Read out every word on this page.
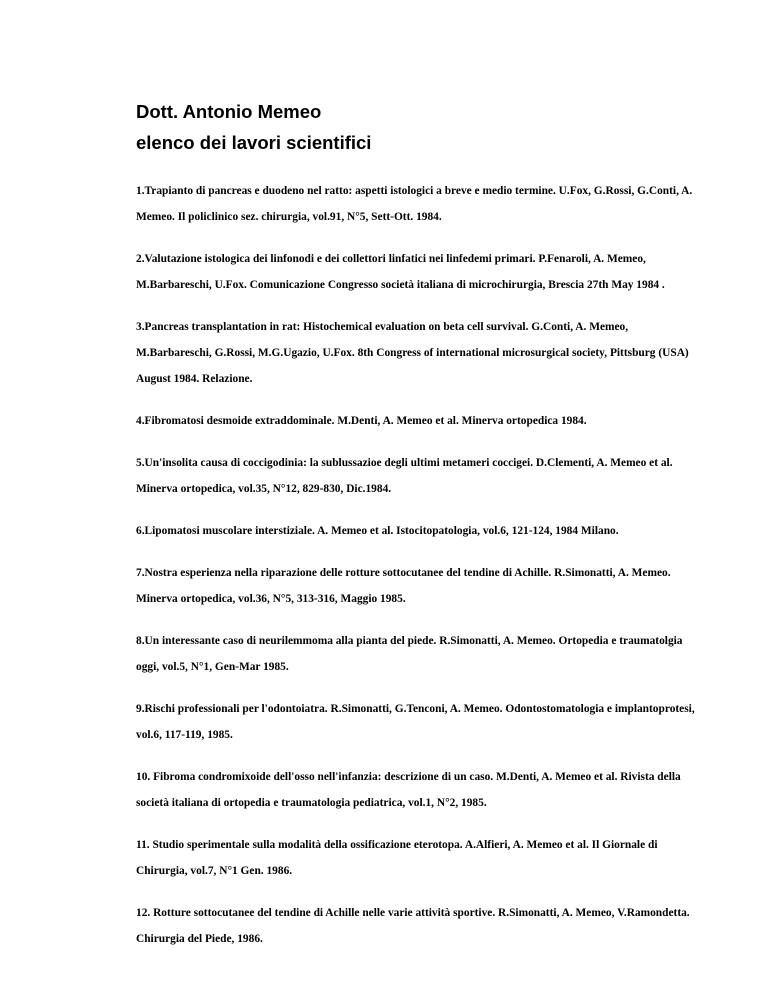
Dott. Antonio Memeo
elenco dei lavori scientifici

1.Trapianto di pancreas e duodeno nel ratto: aspetti istologici a breve e medio termine. U.Fox, G.Rossi, G.Conti, A. Memeo. Il policlinico sez. chirurgia, vol.91, N°5, Sett-Ott. 1984.

2.Valutazione istologica dei linfonodi e dei collettori linfatici nei linfedemi primari. P.Fenaroli, A. Memeo, M.Barbareschi, U.Fox. Comunicazione Congresso società italiana di microchirurgia, Brescia 27th May 1984 .

3.Pancreas transplantation in rat: Histochemical evaluation on beta cell survival. G.Conti, A. Memeo, M.Barbareschi, G.Rossi, M.G.Ugazio, U.Fox. 8th Congress of international microsurgical society, Pittsburg (USA) August 1984. Relazione.

4.Fibromatosi desmoide extraddominale. M.Denti, A. Memeo et al. Minerva ortopedica 1984.

5.Un'insolita causa di coccigodinia: la sublussazioe degli ultimi metameri coccigei. D.Clementi, A. Memeo et al. Minerva ortopedica, vol.35, N°12, 829-830, Dic.1984.

6.Lipomatosi muscolare interstiziale. A. Memeo et al. Istocitopatologia, vol.6, 121-124, 1984 Milano.

7.Nostra esperienza nella riparazione delle rotture sottocutanee del tendine di Achille. R.Simonatti, A. Memeo. Minerva ortopedica, vol.36, N°5, 313-316, Maggio 1985.

8.Un interessante caso di neurilemmoma alla pianta del piede. R.Simonatti, A. Memeo. Ortopedia e traumatolgia oggi, vol.5, N°1, Gen-Mar 1985.

9.Rischi professionali per l'odontoiatra. R.Simonatti, G.Tenconi, A. Memeo. Odontostomatologia e implantoprotesi, vol.6, 117-119, 1985.

10. Fibroma condromixoide dell'osso nell'infanzia: descrizione di un caso. M.Denti, A. Memeo et al. Rivista della società italiana di ortopedia e traumatologia pediatrica, vol.1, N°2, 1985.

11. Studio sperimentale sulla modalità della ossificazione eterotopa. A.Alfieri, A. Memeo et al. Il Giornale di Chirurgia, vol.7, N°1 Gen. 1986.

12. Rotture sottocutanee del tendine di Achille nelle varie attività sportive. R.Simonatti, A. Memeo, V.Ramondetta. Chirurgia del Piede, 1986.
